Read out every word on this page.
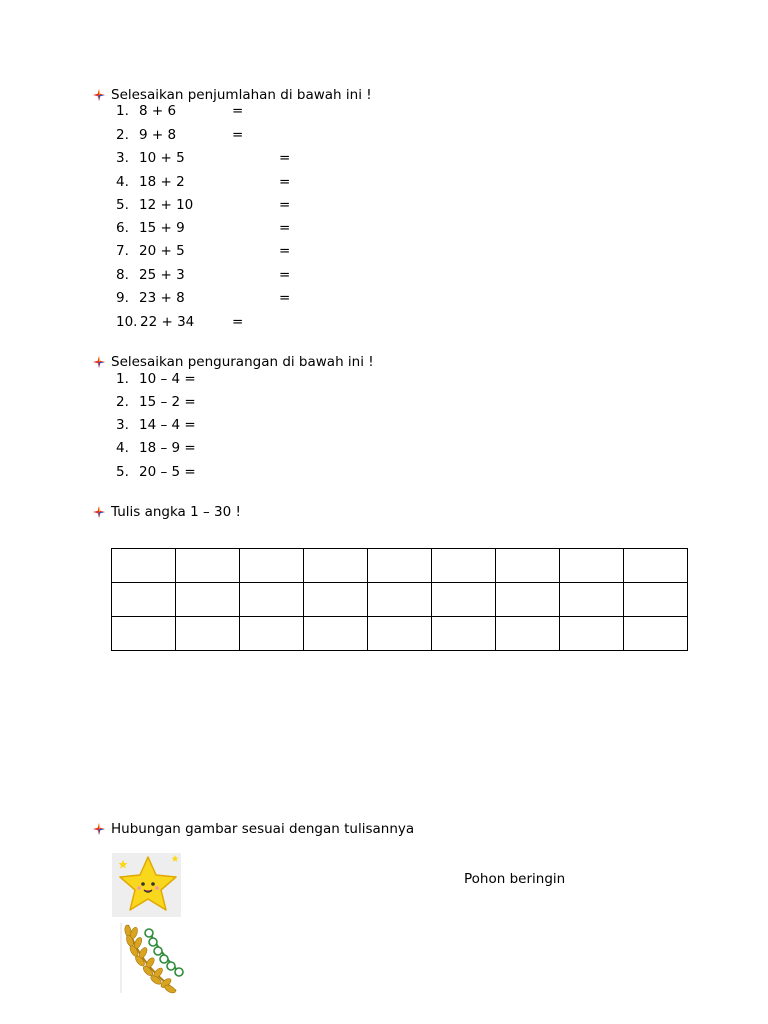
Selesaikan penjumlahan di bawah ini !
1. 8 + 6	=
2. 9 + 8	=
3. 10 + 5	=
4. 18 + 2	=
5. 12 + 10	=
6. 15 + 9	=
7. 20 + 5	=
8. 25 + 3	=
9. 23 + 8	=
10. 22 + 34	=
Selesaikan pengurangan di bawah ini !
1. 10 – 4 =
2. 15 – 2 =
3. 14 – 4 =
4. 18 – 9 =
5. 20 – 5 =
Tulis angka 1 – 30 !

Hubungan gambar sesuai dengan tulisannya
Pohon beringin
